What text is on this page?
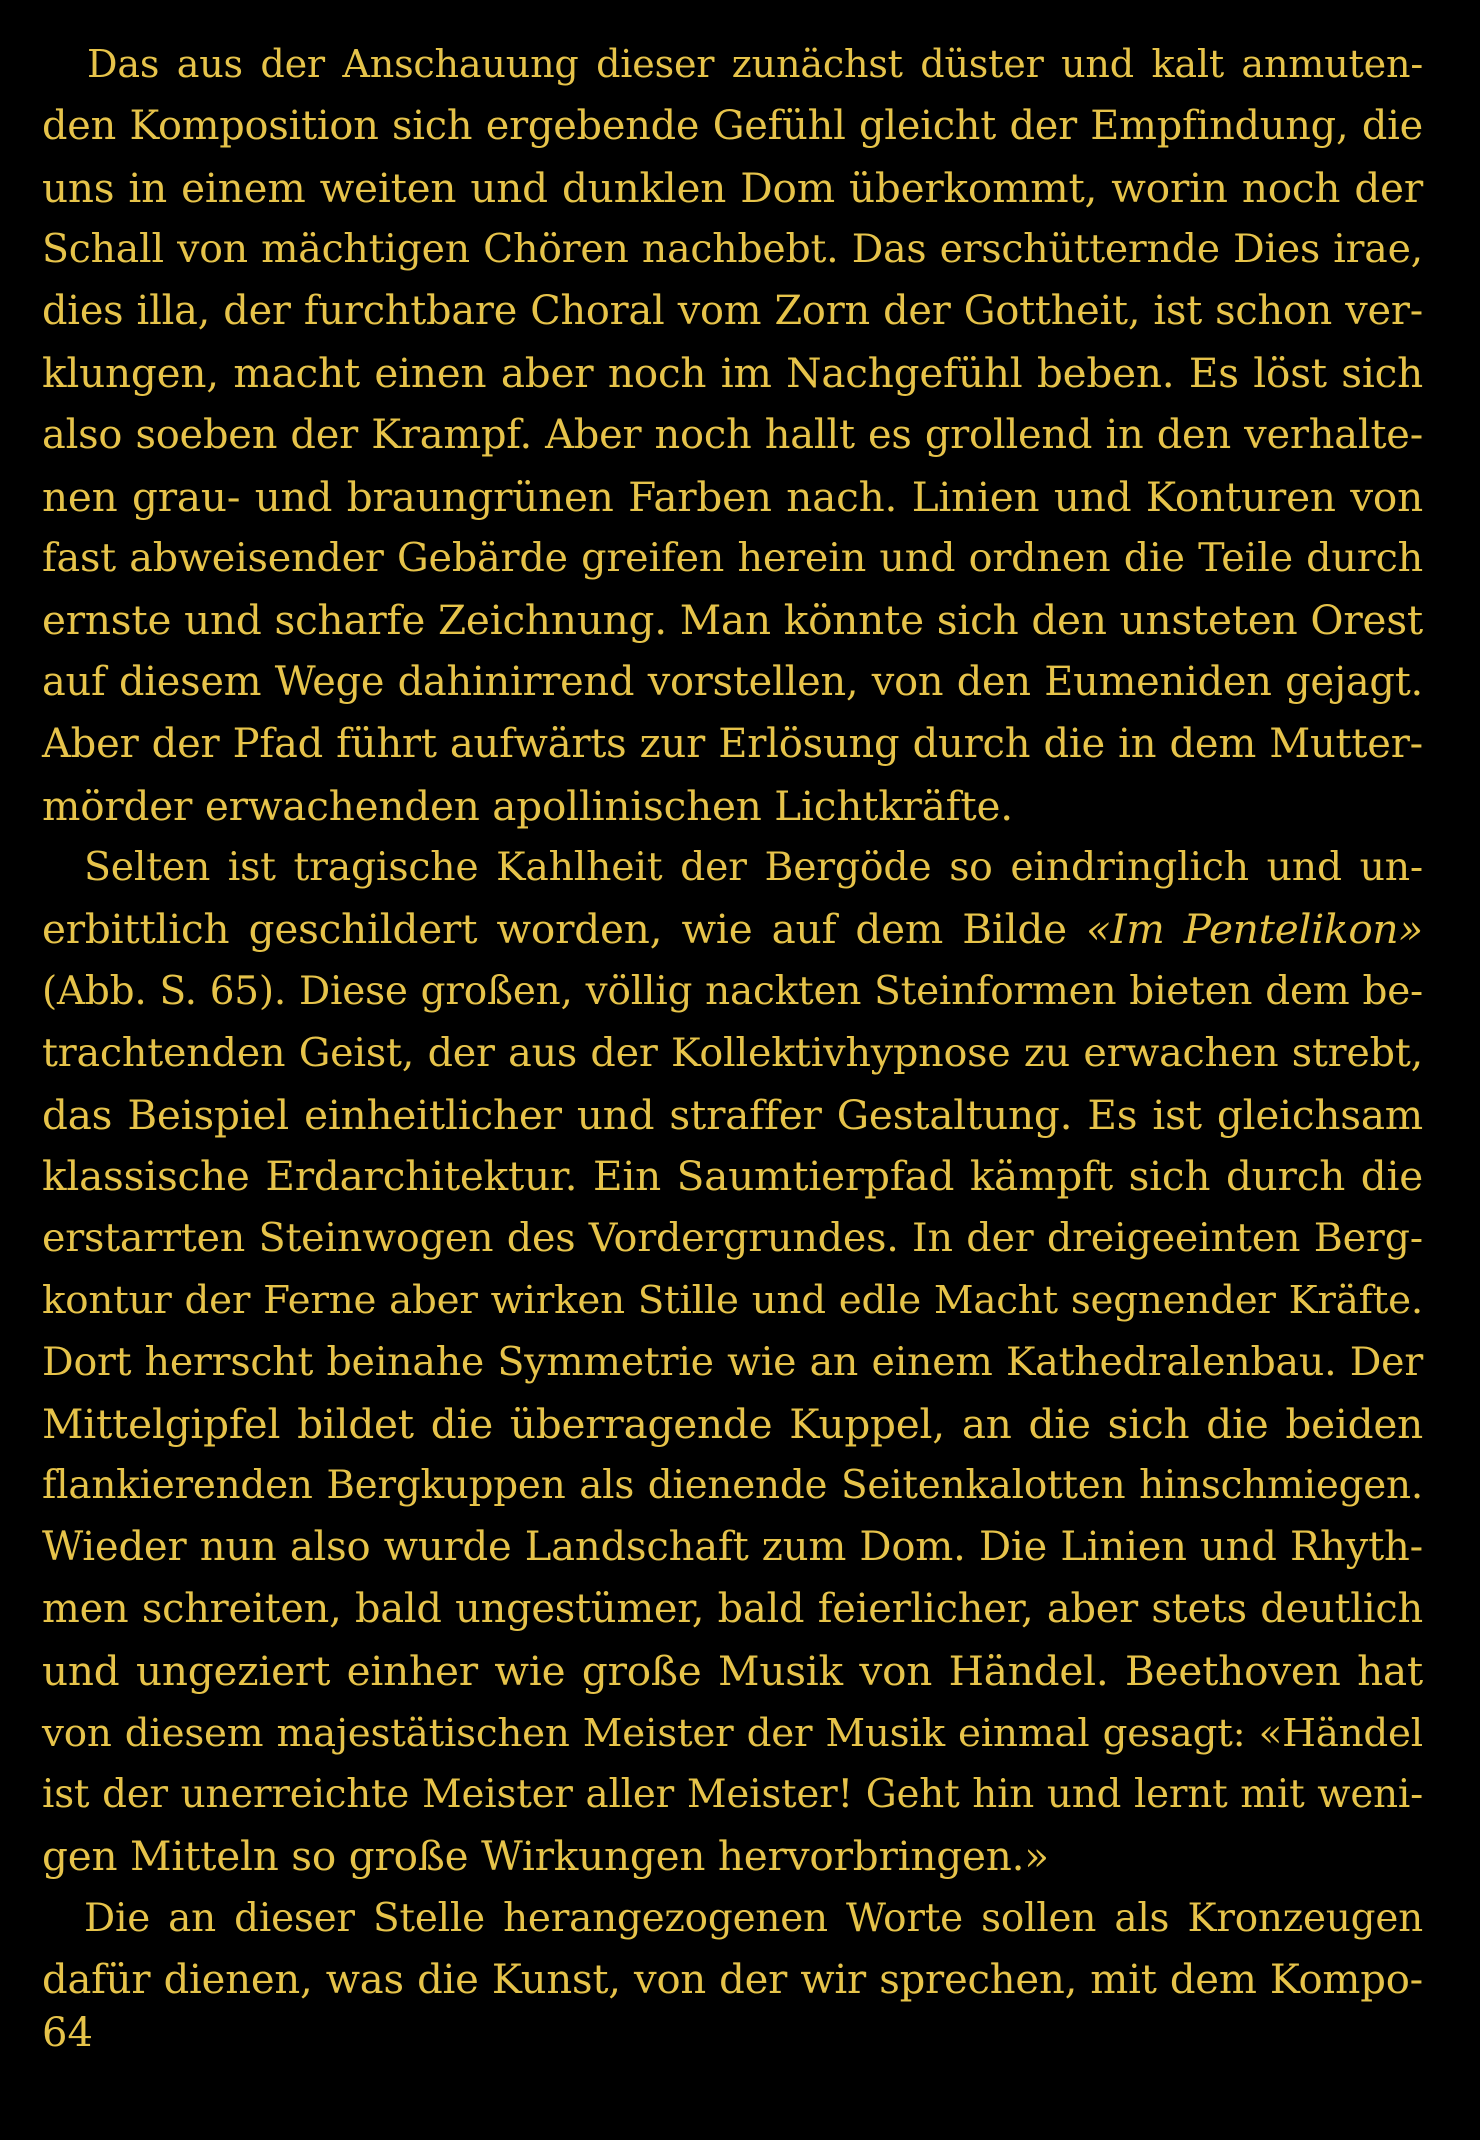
Das aus der Anschauung dieser zunächst düster und kalt anmuten-
den Komposition sich ergebende Gefühl gleicht der Empfindung, die
uns in einem weiten und dunklen Dom überkommt, worin noch der
Schall von mächtigen Chören nachbebt. Das erschütternde Dies irae,
dies illa, der furchtbare Choral vom Zorn der Gottheit, ist schon ver-
klungen, macht einen aber noch im Nachgefühl beben. Es löst sich
also soeben der Krampf. Aber noch hallt es grollend in den verhalte-
nen grau- und braungrünen Farben nach. Linien und Konturen von
fast abweisender Gebärde greifen herein und ordnen die Teile durch
ernste und scharfe Zeichnung. Man könnte sich den unsteten Orest
auf diesem Wege dahinirrend vorstellen, von den Eumeniden gejagt.
Aber der Pfad führt aufwärts zur Erlösung durch die in dem Mutter-
mörder erwachenden apollinischen Lichtkräfte.

Selten ist tragische Kahlheit der Bergöde so eindringlich und un-
erbittlich geschildert worden, wie auf dem Bilde «Im Pentelikon»
(Abb. S. 65). Diese großen, völlig nackten Steinformen bieten dem be-
trachtenden Geist, der aus der Kollektivhypnose zu erwachen strebt,
das Beispiel einheitlicher und straffer Gestaltung. Es ist gleichsam
klassische Erdarchitektur. Ein Saumtierpfad kämpft sich durch die
erstarrten Steinwogen des Vordergrundes. In der dreigeeinten Berg-
kontur der Ferne aber wirken Stille und edle Macht segnender Kräfte.
Dort herrscht beinahe Symmetrie wie an einem Kathedralenbau. Der
Mittelgipfel bildet die überragende Kuppel, an die sich die beiden
flankierenden Bergkuppen als dienende Seitenkalotten hinschmiegen.
Wieder nun also wurde Landschaft zum Dom. Die Linien und Rhyth-
men schreiten, bald ungestümer, bald feierlicher, aber stets deutlich
und ungeziert einher wie große Musik von Händel. Beethoven hat
von diesem majestätischen Meister der Musik einmal gesagt: «Händel
ist der unerreichte Meister aller Meister! Geht hin und lernt mit weni-
gen Mitteln so große Wirkungen hervorbringen.»

Die an dieser Stelle herangezogenen Worte sollen als Kronzeugen
dafür dienen, was die Kunst, von der wir sprechen, mit dem Kompo-

64
